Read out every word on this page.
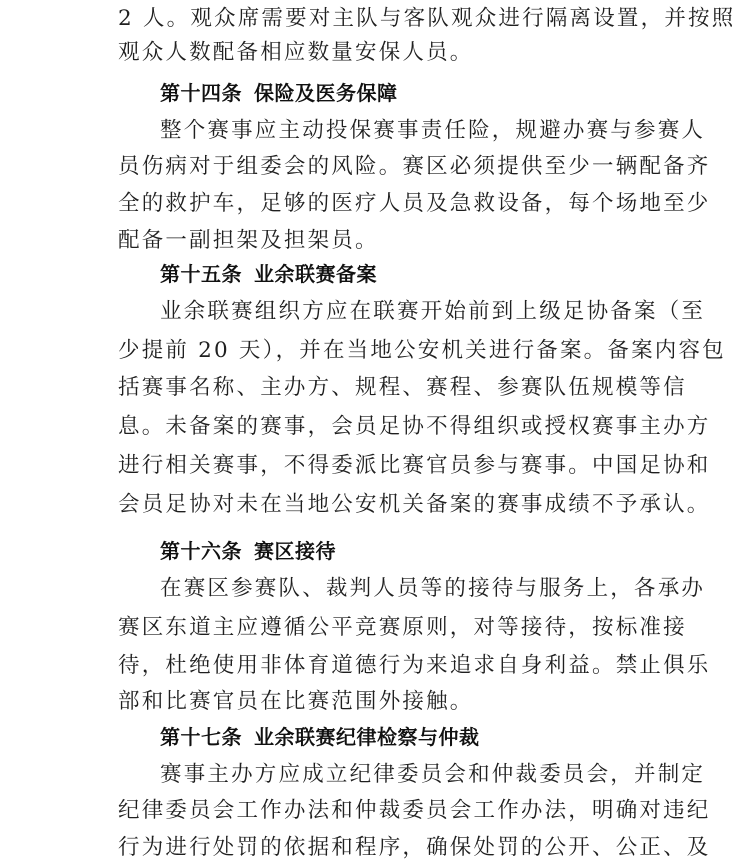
2 人。观众席需要对主队与客队观众进行隔离设置，并按照
观众人数配备相应数量安保人员。
第十四条 保险及医务保障
整个赛事应主动投保赛事责任险，规避办赛与参赛人
员伤病对于组委会的风险。赛区必须提供至少一辆配备齐
全的救护车，足够的医疗人员及急救设备，每个场地至少
配备一副担架及担架员。
第十五条 业余联赛备案
业余联赛组织方应在联赛开始前到上级足协备案（至
少提前 20 天），并在当地公安机关进行备案。备案内容包
括赛事名称、主办方、规程、赛程、参赛队伍规模等信
息。未备案的赛事，会员足协不得组织或授权赛事主办方
进行相关赛事，不得委派比赛官员参与赛事。中国足协和
会员足协对未在当地公安机关备案的赛事成绩不予承认。
第十六条 赛区接待
在赛区参赛队、裁判人员等的接待与服务上，各承办
赛区东道主应遵循公平竞赛原则，对等接待，按标准接
待，杜绝使用非体育道德行为来追求自身利益。禁止俱乐
部和比赛官员在比赛范围外接触。
第十七条 业余联赛纪律检察与仲裁
赛事主办方应成立纪律委员会和仲裁委员会，并制定
纪律委员会工作办法和仲裁委员会工作办法，明确对违纪
行为进行处罚的依据和程序，确保处罚的公开、公正、及
